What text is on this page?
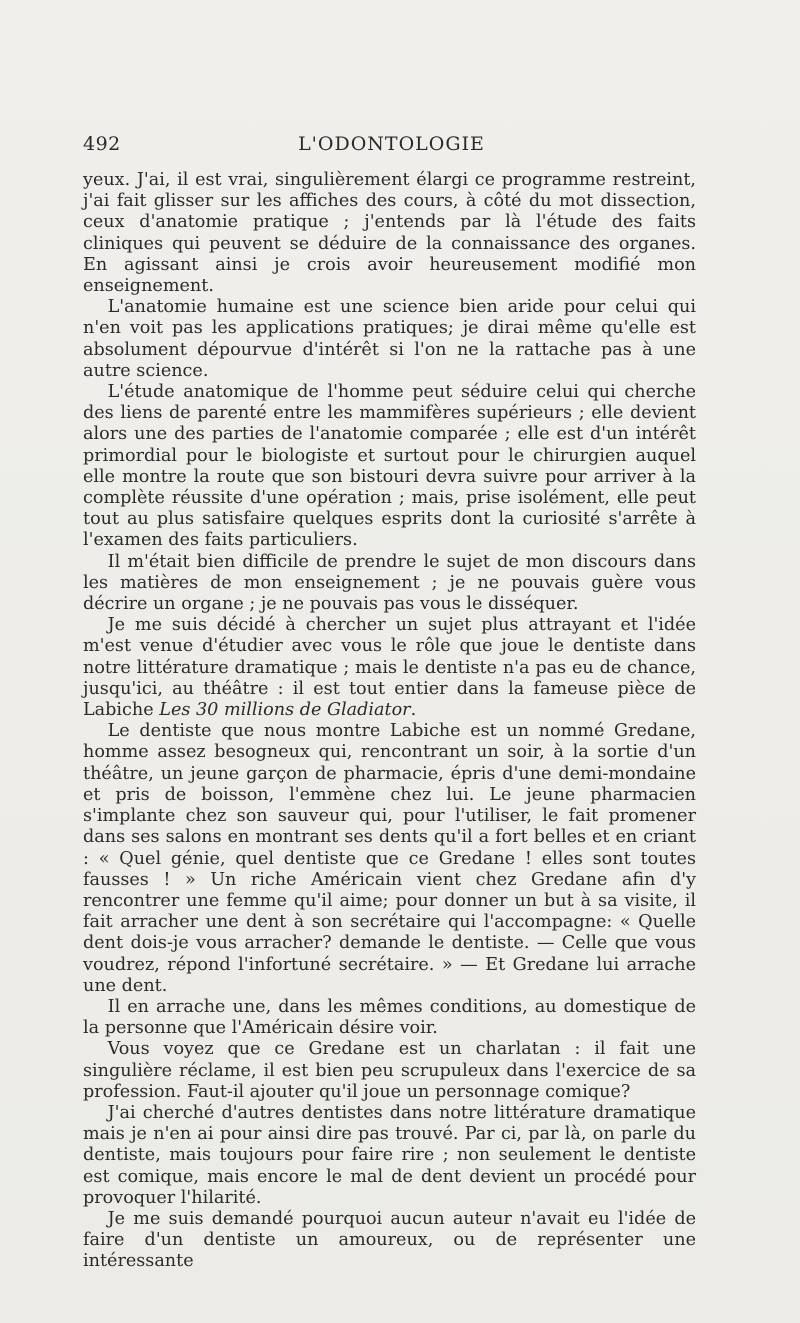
492	L'ODONTOLOGIE

yeux. J'ai, il est vrai, singulièrement élargi ce programme restreint, j'ai fait glisser sur les affiches des cours, à côté du mot dissection, ceux d'anatomie pratique ; j'entends par là l'étude des faits cliniques qui peuvent se déduire de la connaissance des organes. En agissant ainsi je crois avoir heureusement modifié mon enseignement.

L'anatomie humaine est une science bien aride pour celui qui n'en voit pas les applications pratiques; je dirai même qu'elle est absolument dépourvue d'intérêt si l'on ne la rattache pas à une autre science.

L'étude anatomique de l'homme peut séduire celui qui cherche des liens de parenté entre les mammifères supérieurs ; elle devient alors une des parties de l'anatomie comparée ; elle est d'un intérêt primordial pour le biologiste et surtout pour le chirurgien auquel elle montre la route que son bistouri devra suivre pour arriver à la complète réussite d'une opération ; mais, prise isolément, elle peut tout au plus satisfaire quelques esprits dont la curiosité s'arrête à l'examen des faits particuliers.

Il m'était bien difficile de prendre le sujet de mon discours dans les matières de mon enseignement ; je ne pouvais guère vous décrire un organe ; je ne pouvais pas vous le disséquer.

Je me suis décidé à chercher un sujet plus attrayant et l'idée m'est venue d'étudier avec vous le rôle que joue le dentiste dans notre littérature dramatique ; mais le dentiste n'a pas eu de chance, jusqu'ici, au théâtre : il est tout entier dans la fameuse pièce de Labiche Les 30 millions de Gladiator.

Le dentiste que nous montre Labiche est un nommé Gredane, homme assez besogneux qui, rencontrant un soir, à la sortie d'un théâtre, un jeune garçon de pharmacie, épris d'une demi-mondaine et pris de boisson, l'emmène chez lui. Le jeune pharmacien s'implante chez son sauveur qui, pour l'utiliser, le fait promener dans ses salons en montrant ses dents qu'il a fort belles et en criant : « Quel génie, quel dentiste que ce Gredane ! elles sont toutes fausses ! » Un riche Américain vient chez Gredane afin d'y rencontrer une femme qu'il aime; pour donner un but à sa visite, il fait arracher une dent à son secrétaire qui l'accompagne: « Quelle dent dois-je vous arracher? demande le dentiste. — Celle que vous voudrez, répond l'infortuné secrétaire. » — Et Gredane lui arrache une dent.

Il en arrache une, dans les mêmes conditions, au domestique de la personne que l'Américain désire voir.

Vous voyez que ce Gredane est un charlatan : il fait une singulière réclame, il est bien peu scrupuleux dans l'exercice de sa profession. Faut-il ajouter qu'il joue un personnage comique?

J'ai cherché d'autres dentistes dans notre littérature dramatique mais je n'en ai pour ainsi dire pas trouvé. Par ci, par là, on parle du dentiste, mais toujours pour faire rire ; non seulement le dentiste est comique, mais encore le mal de dent devient un procédé pour provoquer l'hilarité.

Je me suis demandé pourquoi aucun auteur n'avait eu l'idée de faire d'un dentiste un amoureux, ou de représenter une intéressante
